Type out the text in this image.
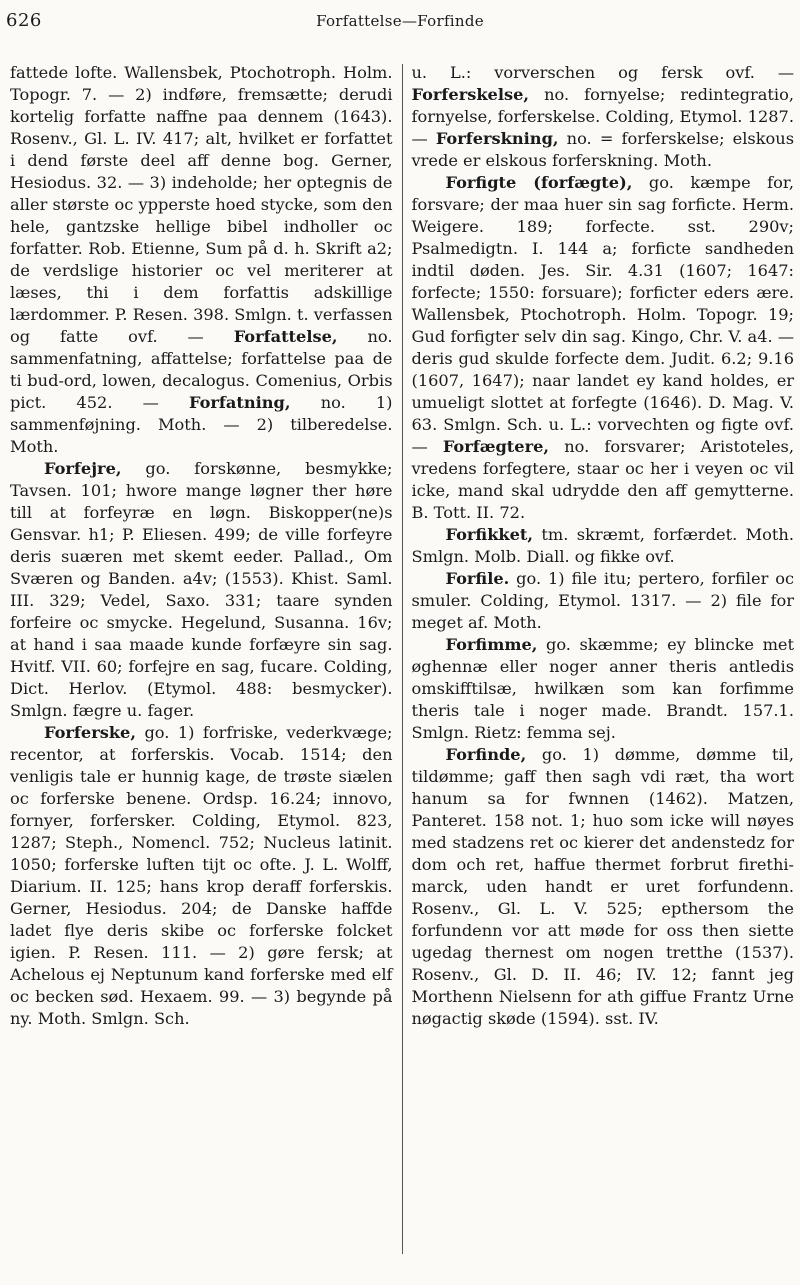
626	Forfattelse—Forfinde

fattede lofte. Wallensbek, Ptochotroph. Holm. Topogr. 7. — 2) indføre, fremsætte; derudi kortelig forfatte naffne paa dennem (1643). Rosenv., Gl. L. IV. 417; alt, hvilket er forfattet i dend første deel aff denne bog. Gerner, Hesiodus. 32. — 3) indeholde; her optegnis de aller største oc ypperste hoed stycke, som den hele, gantzske hellige bibel indholler oc forfatter. Rob. Etienne, Sum på d. h. Skrift a2; de verdslige historier oc vel meriterer at læses, thi i dem forfattis adskillige lærdommer. P. Resen. 398. Smlgn. t. verfassen og fatte ovf. — Forfattelse, no. sammenfatning, affattelse; forfattelse paa de ti bud-ord, lowen, decalogus. Comenius, Orbis pict. 452. — Forfatning, no. 1) sammenføjning. Moth. — 2) tilberedelse. Moth.

Forfejre, go. forskønne, besmykke; Tavsen. 101; hwore mange løgner ther høre till at forfeyræ en løgn. Biskopper(ne)s Gensvar. h1; P. Eliesen. 499; de ville forfeyre deris suæren met skemt eeder. Pallad., Om Sværen og Banden. a4v; (1553). Khist. Saml. III. 329; Vedel, Saxo. 331; taare synden forfeire oc smycke. Hegelund, Susanna. 16v; at hand i saa maade kunde forfæyre sin sag. Hvitf. VII. 60; forfejre en sag, fucare. Colding, Dict. Herlov. (Etymol. 488: besmycker). Smlgn. fægre u. fager.

Forferske, go. 1) forfriske, vederkvæge; recentor, at forferskis. Vocab. 1514; den venligis tale er hunnig kage, de trøste siælen oc forferske benene. Ordsp. 16.24; innovo, fornyer, forfersker. Colding, Etymol. 823, 1287; Steph., Nomencl. 752; Nucleus latinit. 1050; forferske luften tijt oc ofte. J. L. Wolff, Diarium. II. 125; hans krop deraff forferskis. Gerner, Hesiodus. 204; de Danske haffde ladet flye deris skibe oc forferske folcket igien. P. Resen. 111. — 2) gøre fersk; at Achelous ej Neptunum kand forferske med elf oc becken sød. Hexaem. 99. — 3) begynde på ny. Moth. Smlgn. Sch.

u. L.: vorverschen og fersk ovf. — Forferskelse, no. fornyelse; redintegratio, fornyelse, forferskelse. Colding, Etymol. 1287. — Forferskning, no. = forferskelse; elskous vrede er elskous forferskning. Moth.

Forfigte (forfægte), go. kæmpe for, forsvare; der maa huer sin sag forficte. Herm. Weigere. 189; forfecte. sst. 290v; Psalmedigtn. I. 144 a; forficte sandheden indtil døden. Jes. Sir. 4.31 (1607; 1647: forfecte; 1550: forsuare); forficter eders ære. Wallensbek, Ptochotroph. Holm. Topogr. 19; Gud forfigter selv din sag. Kingo, Chr. V. a4. — deris gud skulde forfecte dem. Judit. 6.2; 9.16 (1607, 1647); naar landet ey kand holdes, er umueligt slottet at forfegte (1646). D. Mag. V. 63. Smlgn. Sch. u. L.: vorvechten og figte ovf. — Forfægtere, no. forsvarer; Aristoteles, vredens forfegtere, staar oc her i veyen oc vil icke, mand skal udrydde den aff gemytterne. B. Tott. II. 72.

Forfikket, tm. skræmt, forfærdet. Moth. Smlgn. Molb. Diall. og fikke ovf.

Forfile. go. 1) file itu; pertero, forfiler oc smuler. Colding, Etymol. 1317. — 2) file for meget af. Moth.

Forfimme, go. skæmme; ey blincke met øghennæ eller noger anner theris antledis omskifftilsæ, hwilkæn som kan forfimme theris tale i noger made. Brandt. 157.1. Smlgn. Rietz: femma sej.

Forfinde, go. 1) dømme, dømme til, tildømme; gaff then sagh vdi ræt, tha wort hanum sa for fwnnen (1462). Matzen, Panteret. 158 not. 1; huo som icke will nøyes med stadzens ret oc kierer det andenstedz for dom och ret, haffue thermet forbrut firethi-marck, uden handt er uret forfundenn. Rosenv., Gl. L. V. 525; epthersom the forfundenn vor att møde for oss then siette ugedag thernest om nogen tretthe (1537). Rosenv., Gl. D. II. 46; IV. 12; fannt jeg Morthenn Nielsenn for ath giffue Frantz Urne nøgactig skøde (1594). sst. IV.
